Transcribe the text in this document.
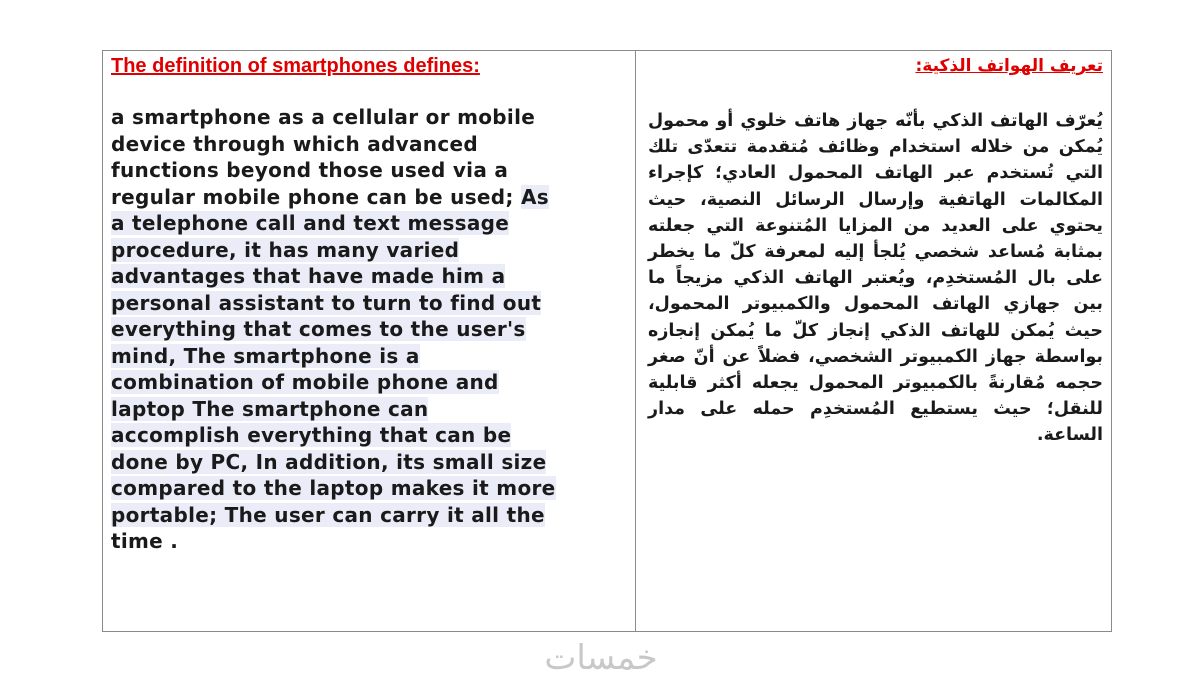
The definition of smartphones defines:

a smartphone as a cellular or mobile
device through which advanced
functions beyond those used via a
regular mobile phone can be used; As
a telephone call and text message
procedure, it has many varied
advantages that have made him a
personal assistant to turn to find out
everything that comes to the user's
mind, The smartphone is a
combination of mobile phone and
laptop The smartphone can
accomplish everything that can be
done by PC, In addition, its small size
compared to the laptop makes it more
portable; The user can carry it all the
time .

تعريف الهواتف الذكية:

يُعرّف الهاتف الذكي بأنّه جهاز هاتف خلوي أو محمول يُمكن من خلاله استخدام وظائف مُتقدمة تتعدّى تلك التي تُستخدم عبر الهاتف المحمول العادي؛ كإجراء المكالمات الهاتفية وإرسال الرسائل النصية، حيث يحتوي على العديد من المزايا المُتنوعة التي جعلته بمثابة مُساعد شخصي يُلجأ إليه لمعرفة كلّ ما يخطر على بال المُستخدِم، ويُعتبر الهاتف الذكي مزيجاً ما بين جهازي الهاتف المحمول والكمبيوتر المحمول، حيث يُمكن للهاتف الذكي إنجاز كلّ ما يُمكن إنجازه بواسطة جهاز الكمبيوتر الشخصي، فضلاً عن أنّ صغر حجمه مُقارنةً بالكمبيوتر المحمول يجعله أكثر قابلية للنقل؛ حيث يستطيع المُستخدِم حمله على مدار الساعة.

خمسات
